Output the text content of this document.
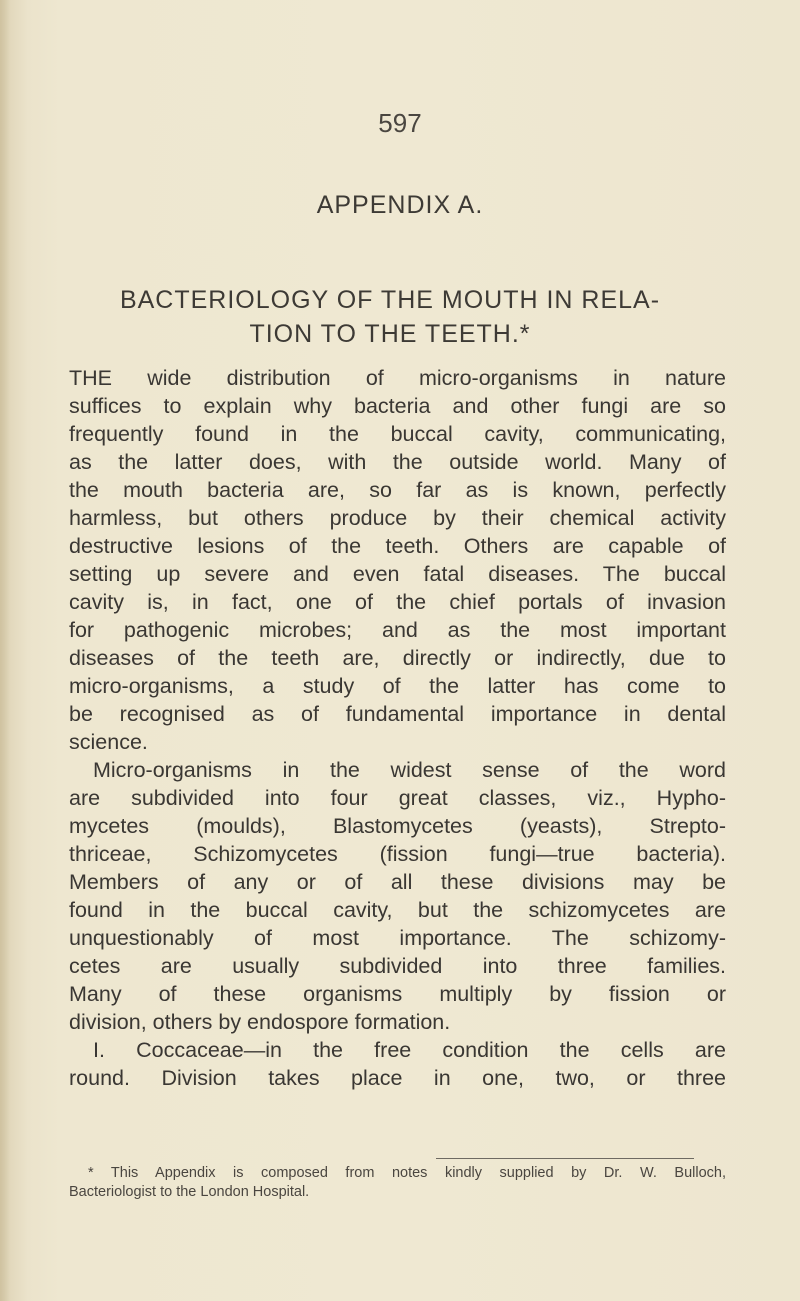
597
APPENDIX A.
BACTERIOLOGY OF THE MOUTH IN RELA-
TION TO THE TEETH.*
THE wide distribution of micro-organisms in nature
suffices to explain why bacteria and other fungi are so
frequently found in the buccal cavity, communicating,
as the latter does, with the outside world. Many of
the mouth bacteria are, so far as is known, perfectly
harmless, but others produce by their chemical activity
destructive lesions of the teeth. Others are capable of
setting up severe and even fatal diseases. The buccal
cavity is, in fact, one of the chief portals of invasion
for pathogenic microbes; and as the most important
diseases of the teeth are, directly or indirectly, due to
micro-organisms, a study of the latter has come to
be recognised as of fundamental importance in dental
science.
Micro-organisms in the widest sense of the word
are subdivided into four great classes, viz., Hypho-
mycetes (moulds), Blastomycetes (yeasts), Strepto-
thriceae, Schizomycetes (fission fungi—true bacteria).
Members of any or of all these divisions may be
found in the buccal cavity, but the schizomycetes are
unquestionably of most importance. The schizomy-
cetes are usually subdivided into three families.
Many of these organisms multiply by fission or
division, others by endospore formation.
I. Coccaceae—in the free condition the cells are
round. Division takes place in one, two, or three
* This Appendix is composed from notes kindly supplied by Dr. W. Bulloch,
Bacteriologist to the London Hospital.
